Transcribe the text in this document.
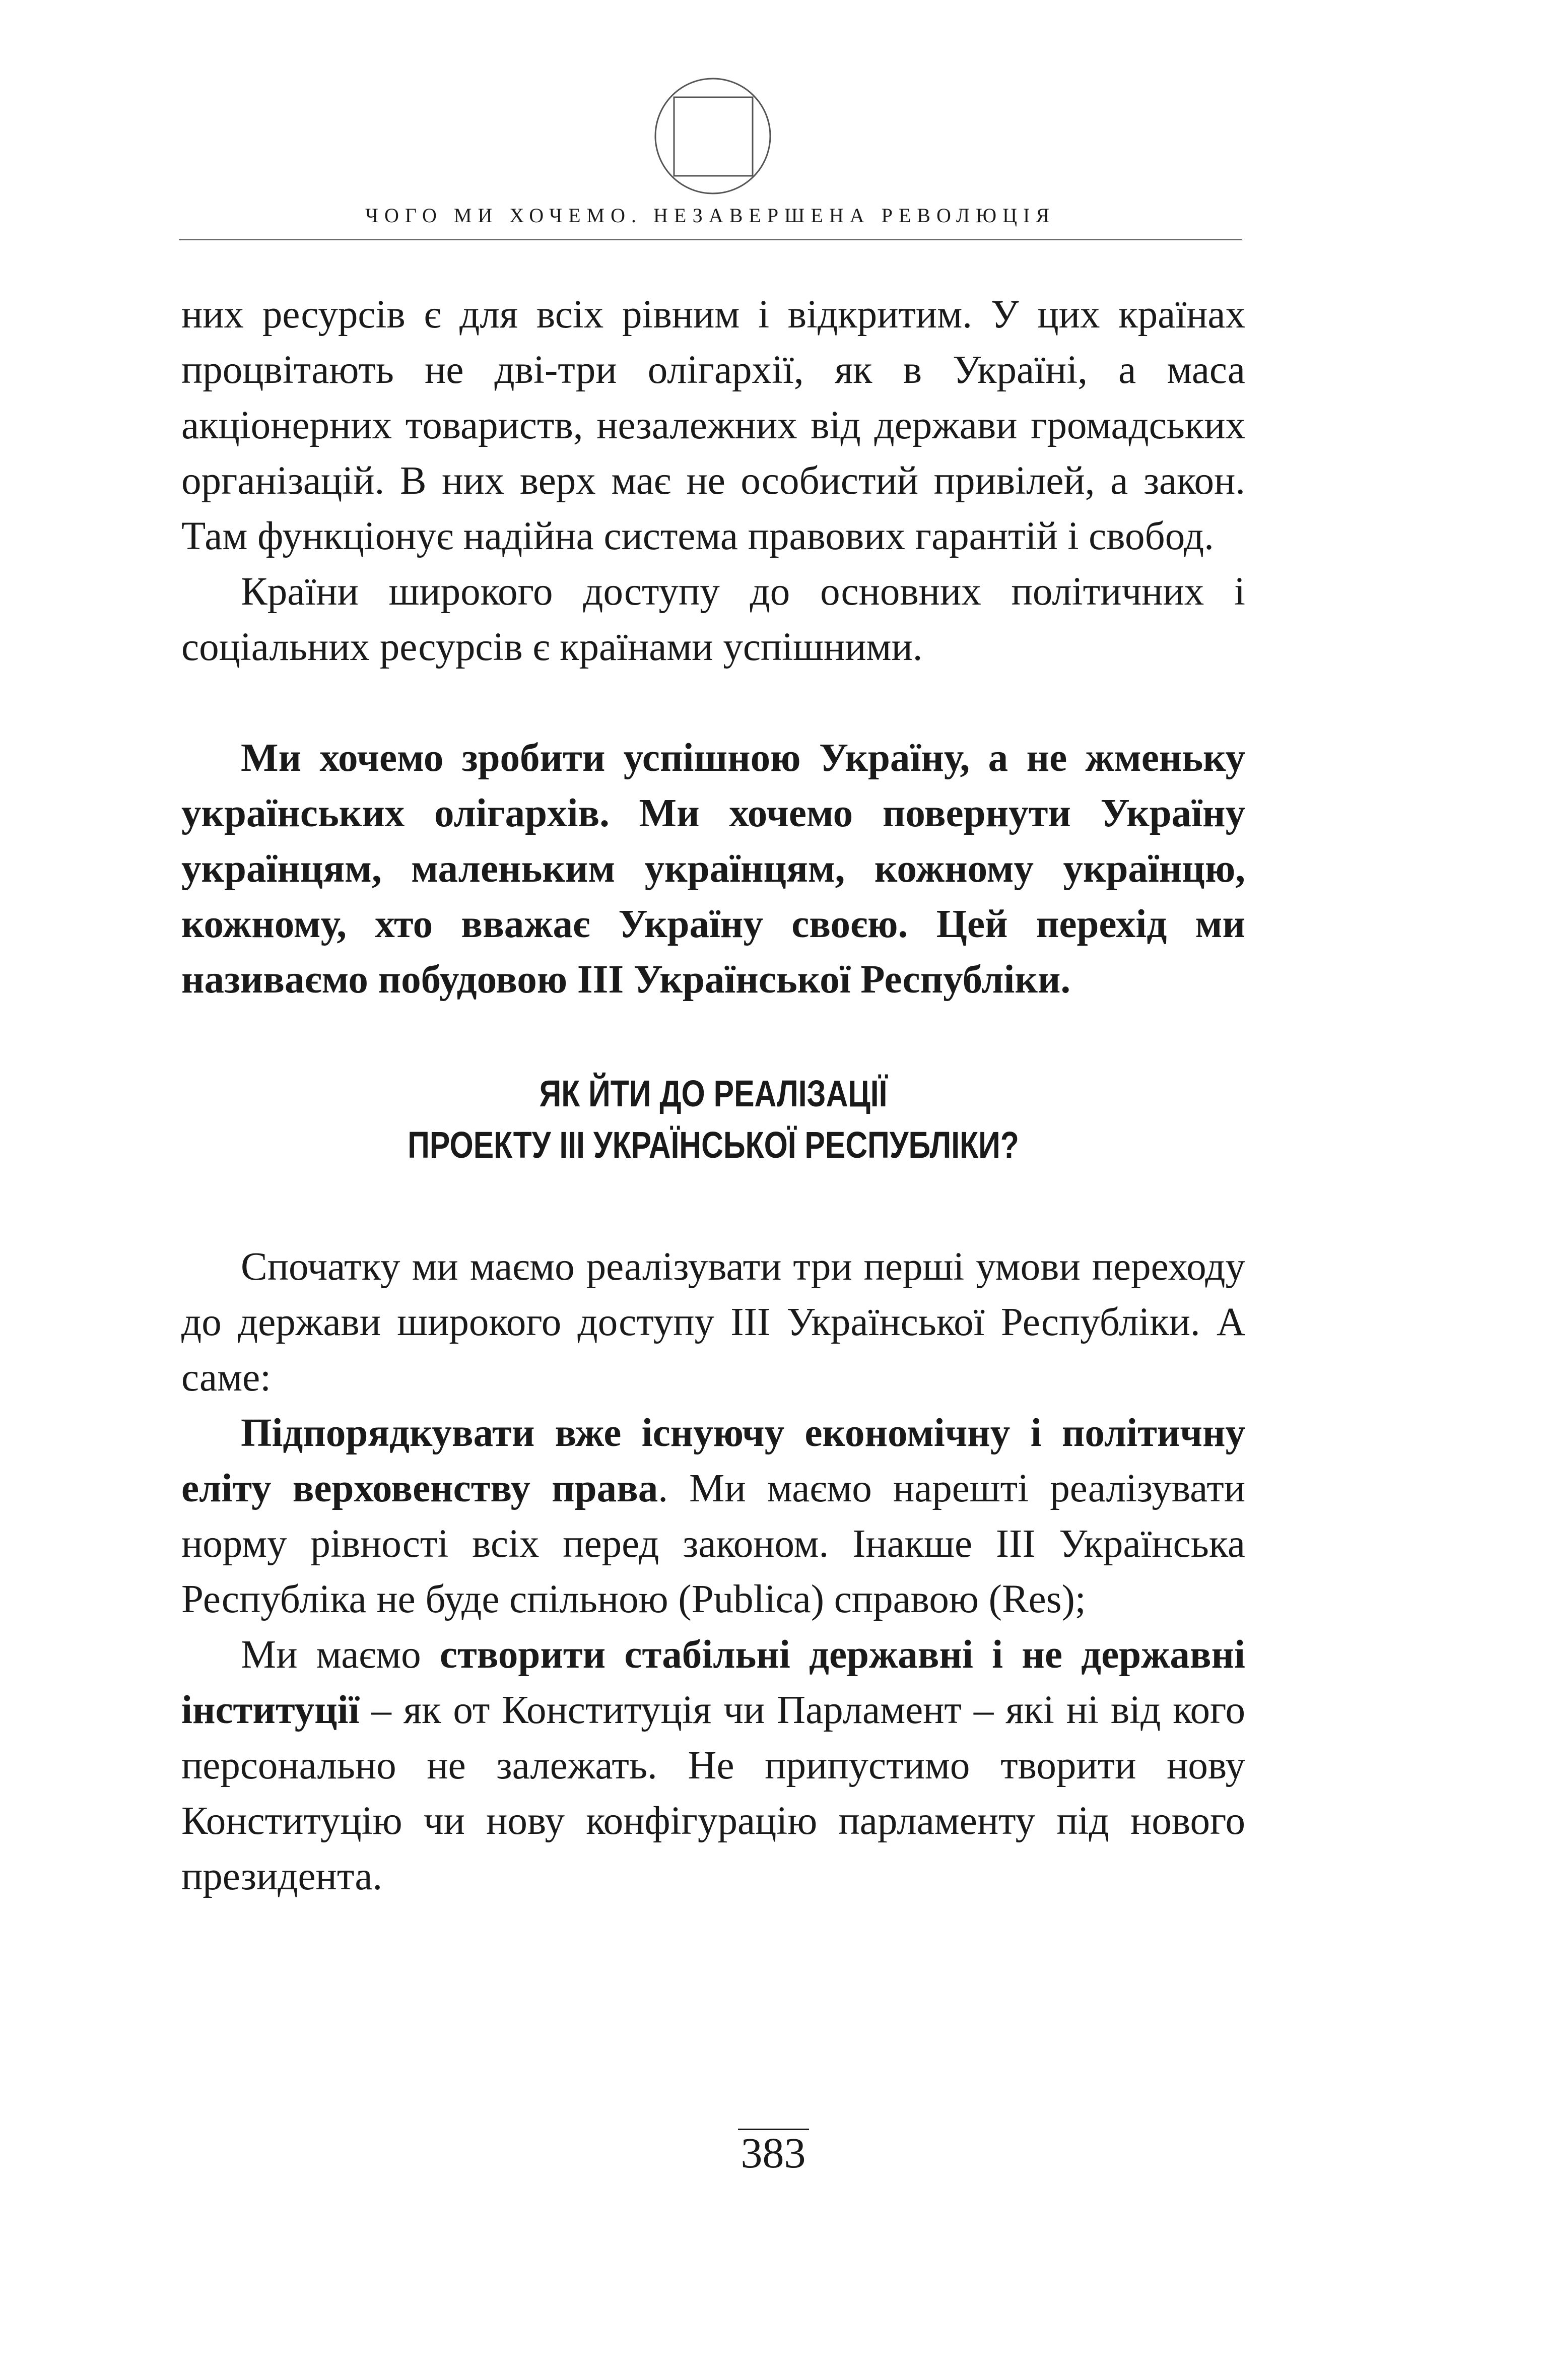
ЧОГО МИ ХОЧЕМО. НЕЗАВЕРШЕНА РЕВОЛЮЦІЯ

них ресурсів є для всіх рівним і відкритим. У цих країнах процвітають не дві-три олігархії, як в Україні, а маса акціонерних товариств, незалежних від держави громадських організацій. В них верх має не особистий привілей, а закон. Там функціонує надійна система правових гарантій і свобод.

Країни широкого доступу до основних політичних і соціальних ресурсів є країнами успішними.

Ми хочемо зробити успішною Україну, а не жменьку українських олігархів. Ми хочемо повернути Україну українцям, маленьким українцям, кожному українцю, кожному, хто вважає Україну своєю. Цей перехід ми називаємо побудовою ІІІ Української Республіки.

ЯК ЙТИ ДО РЕАЛІЗАЦІЇ
ПРОЕКТУ ІІІ УКРАЇНСЬКОЇ РЕСПУБЛІКИ?

Спочатку ми маємо реалізувати три перші умови переходу до держави широкого доступу ІІІ Української Республіки. А саме:

Підпорядкувати вже існуючу економічну і політичну еліту верховенству права. Ми маємо нарешті реалізувати норму рівності всіх перед законом. Інакше ІІІ Українська Республіка не буде спільною (Publica) справою (Res);

Ми маємо створити стабільні державні і не державні інституції – як от Конституція чи Парламент – які ні від кого персонально не залежать. Не припустимо творити нову Конституцію чи нову конфігурацію парламенту під нового президента.

383
